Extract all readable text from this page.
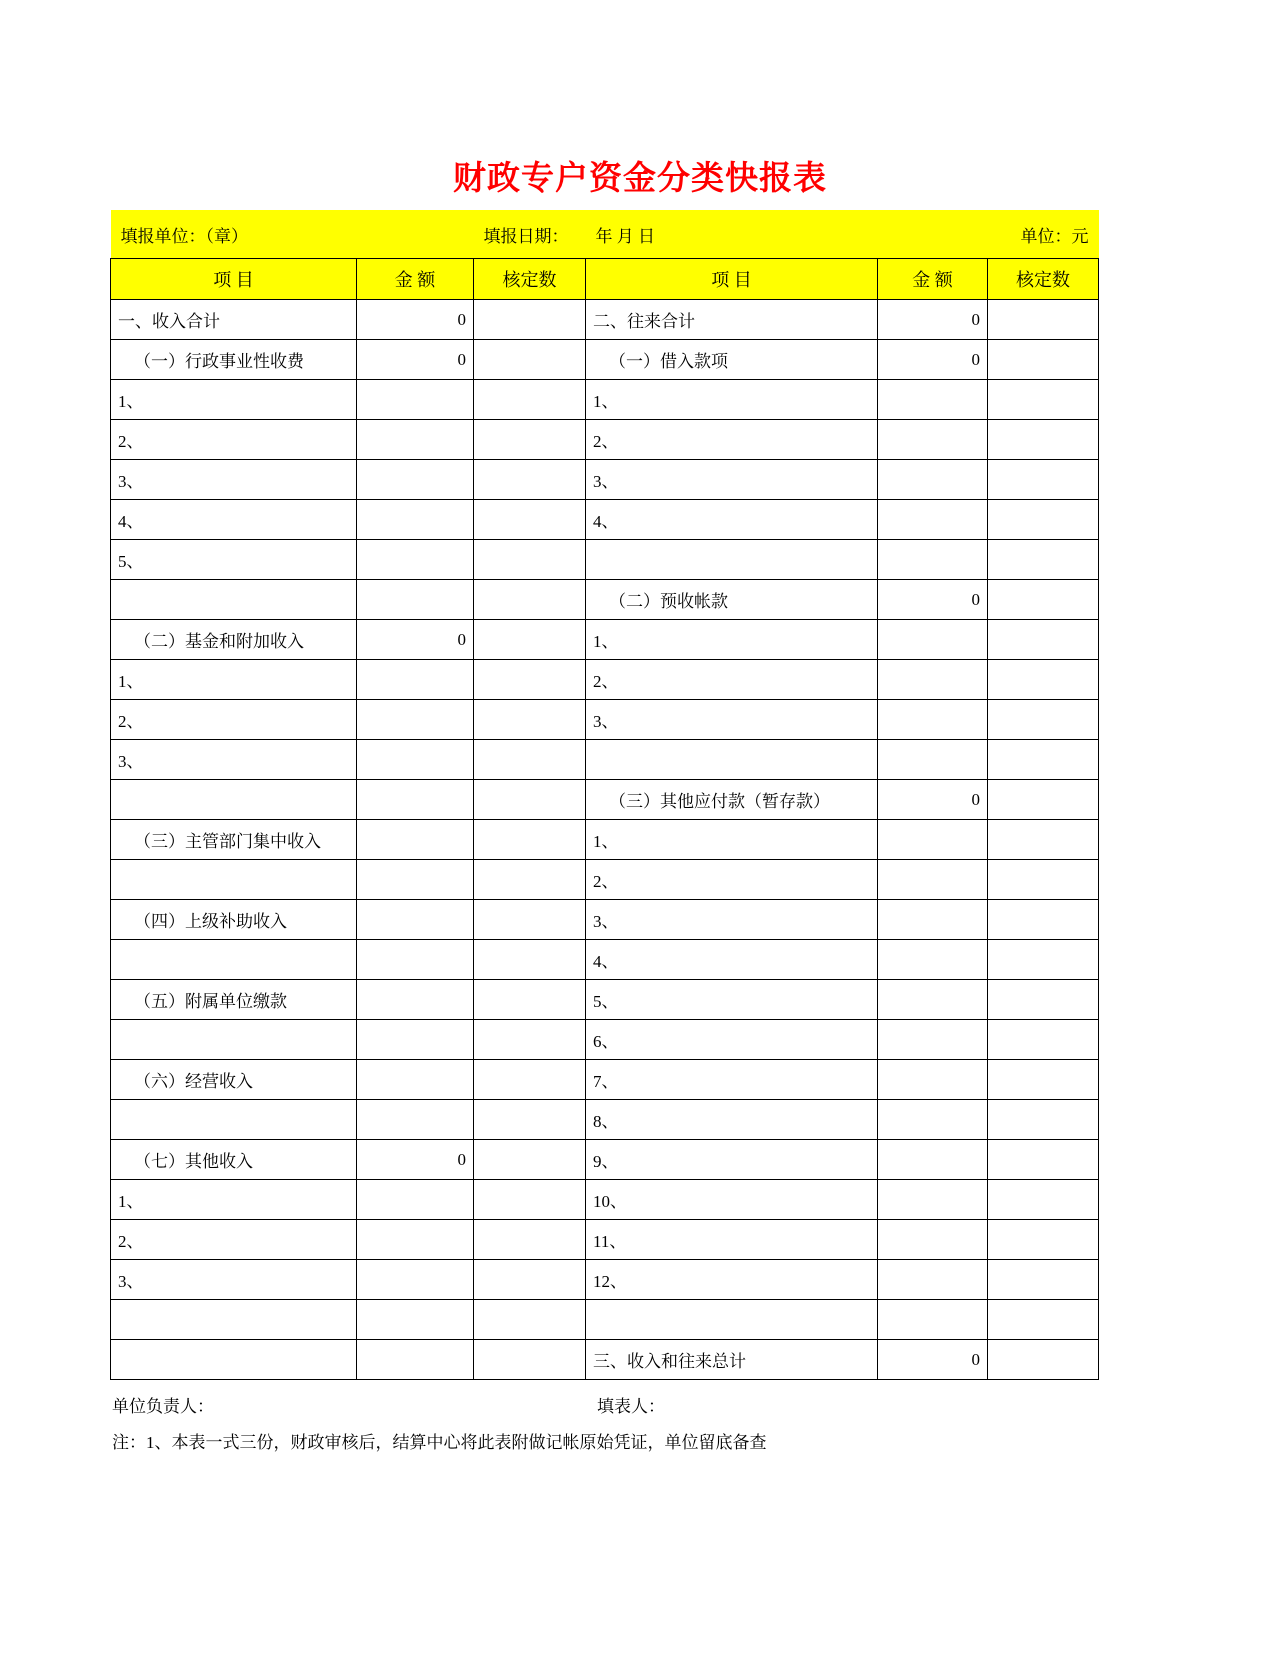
财政专户资金分类快报表
填报单位：（章）		填报日期：	年 月 日	单位：元	
项 目	金 额	核定数	项 目	金 额	核定数
一、收入合计	0		二、往来合计	0	
（一）行政事业性收费	0		（一）借入款项	0	
1、			1、		
2、			2、		
3、			3、		
4、			4、		
5、					
			（二）预收帐款	0	
（二）基金和附加收入	0		1、		
1、			2、		
2、			3、		
3、					
			（三）其他应付款（暂存款）	0	
（三）主管部门集中收入			1、		
			2、		
（四）上级补助收入			3、		
			4、		
（五）附属单位缴款			5、		
			6、		
（六）经营收入			7、		
			8、		
（七）其他收入	0		9、		
1、			10、		
2、			11、		
3、			12、		

			三、收入和往来总计	0	
单位负责人：	填表人：
注：1、本表一式三份，财政审核后，结算中心将此表附做记帐原始凭证，单位留底备查
